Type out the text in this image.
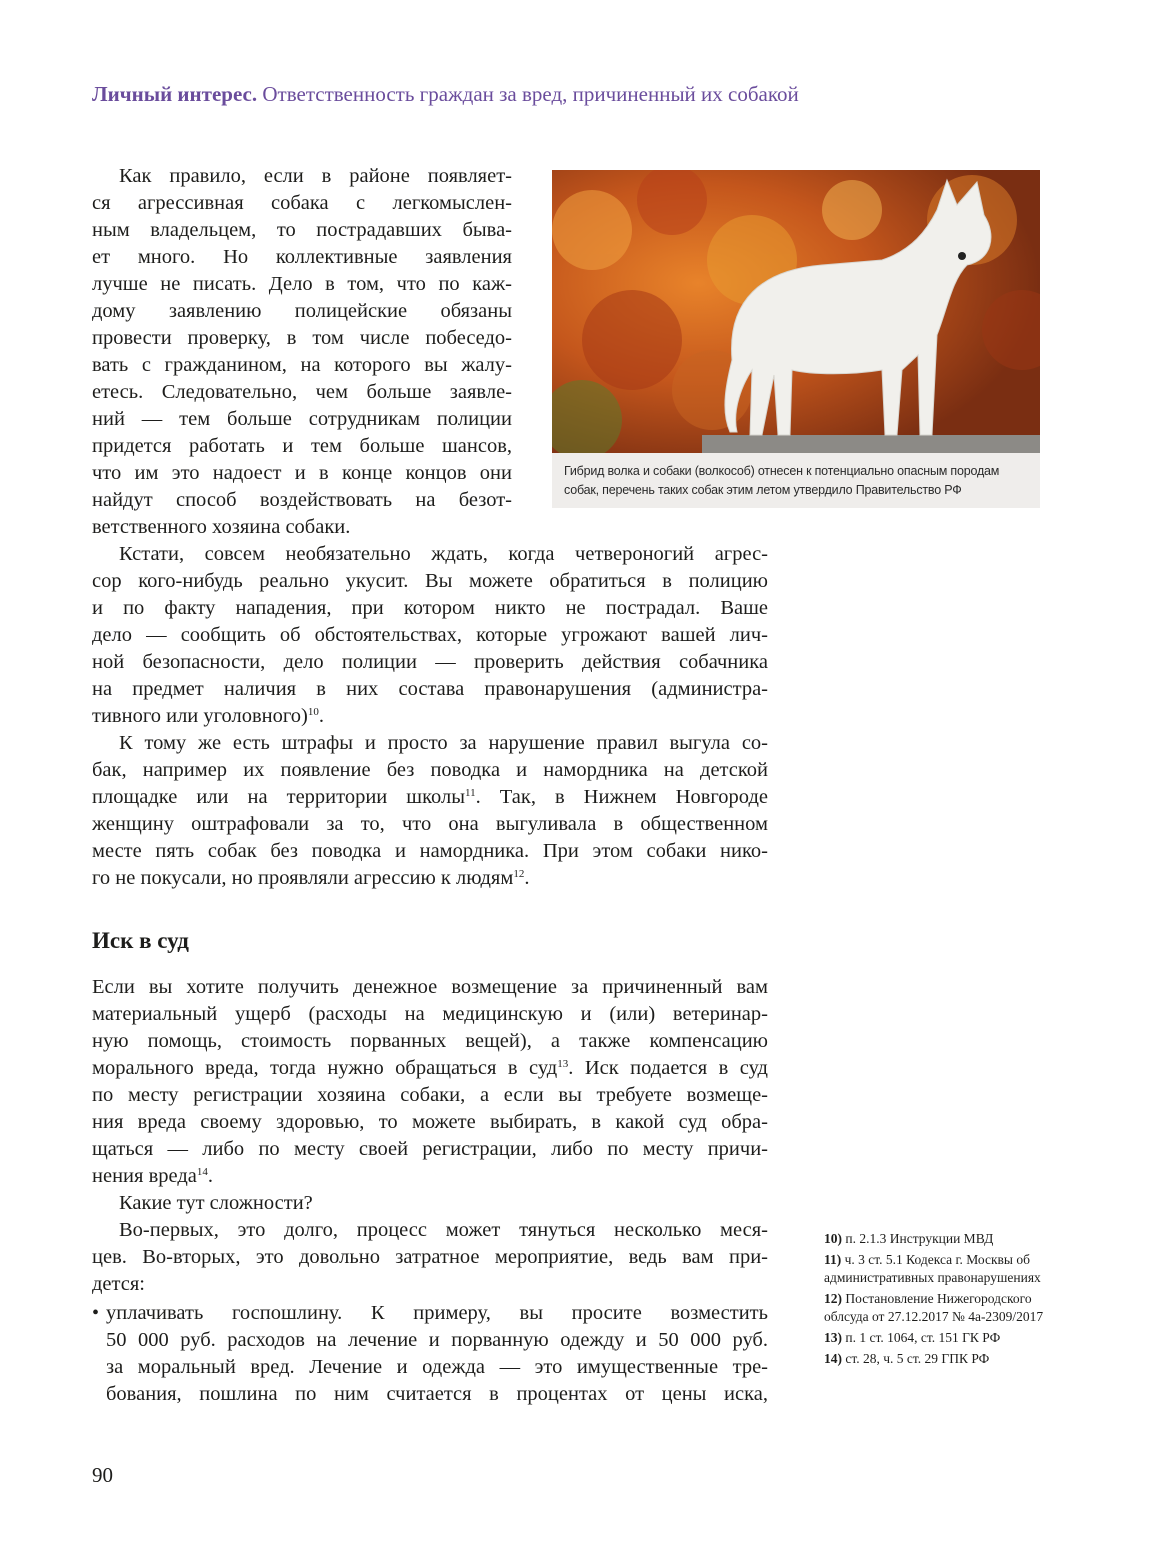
Личный интерес. Ответственность граждан за вред, причиненный их собакой
Как правило, если в районе появляет-
ся агрессивная собака с легкомыслен-
ным владельцем, то пострадавших быва-
ет много. Но коллективные заявления
лучше не писать. Дело в том, что по каж-
дому заявлению полицейские обязаны
провести проверку, в том числе побеседо-
вать с гражданином, на которого вы жалу-
етесь. Следовательно, чем больше заявле-
ний — тем больше сотрудникам полиции
придется работать и тем больше шансов,
что им это надоест и в конце концов они
найдут способ воздействовать на безот-
ветственного хозяина собаки.
Кстати, совсем необязательно ждать, когда четвероногий агрес-
сор кого-нибудь реально укусит. Вы можете обратиться в полицию
и по факту нападения, при котором никто не пострадал. Ваше
дело — сообщить об обстоятельствах, которые угрожают вашей лич-
ной безопасности, дело полиции — проверить действия собачника
на предмет наличия в них состава правонарушения (администра-
тивного или уголовного)$^{10}$.
К тому же есть штрафы и просто за нарушение правил выгула со-
бак, например их появление без поводка и намордника на детской
площадке или на территории школы$^{11}$. Так, в Нижнем Новгороде
женщину оштрафовали за то, что она выгуливала в общественном
месте пять собак без поводка и намордника. При этом собаки нико-
го не покусали, но проявляли агрессию к людям$^{12}$.
Иск в суд
Если вы хотите получить денежное возмещение за причиненный вам
материальный ущерб (расходы на медицинскую и (или) ветеринар-
ную помощь, стоимость порванных вещей), а также компенсацию
морального вреда, тогда нужно обращаться в суд$^{13}$. Иск подается в суд
по месту регистрации хозяина собаки, а если вы требуете возмеще-
ния вреда своему здоровью, то можете выбирать, в какой суд обра-
щаться — либо по месту своей регистрации, либо по месту причи-
нения вреда$^{14}$.
Какие тут сложности?
Во-первых, это долго, процесс может тянуться несколько меся-
цев. Во-вторых, это довольно затратное мероприятие, ведь вам при-
дется:
• уплачивать госпошлину. К примеру, вы просите возместить
50 000 руб. расходов на лечение и порванную одежду и 50 000 руб.
за моральный вред. Лечение и одежда — это имущественные тре-
бования, пошлина по ним считается в процентах от цены иска,
Гибрид волка и собаки (волкособ) отнесен к потенциально опасным породам собак, перечень таких собак этим летом утвердило Правительство РФ
10) п. 2.1.3 Инструкции МВД
11) ч. 3 ст. 5.1 Кодекса г. Москвы об административных правонарушениях
12) Постановление Нижегородского облсуда от 27.12.2017 № 4а-2309/2017
13) п. 1 ст. 1064, ст. 151 ГК РФ
14) ст. 28, ч. 5 ст. 29 ГПК РФ
90
